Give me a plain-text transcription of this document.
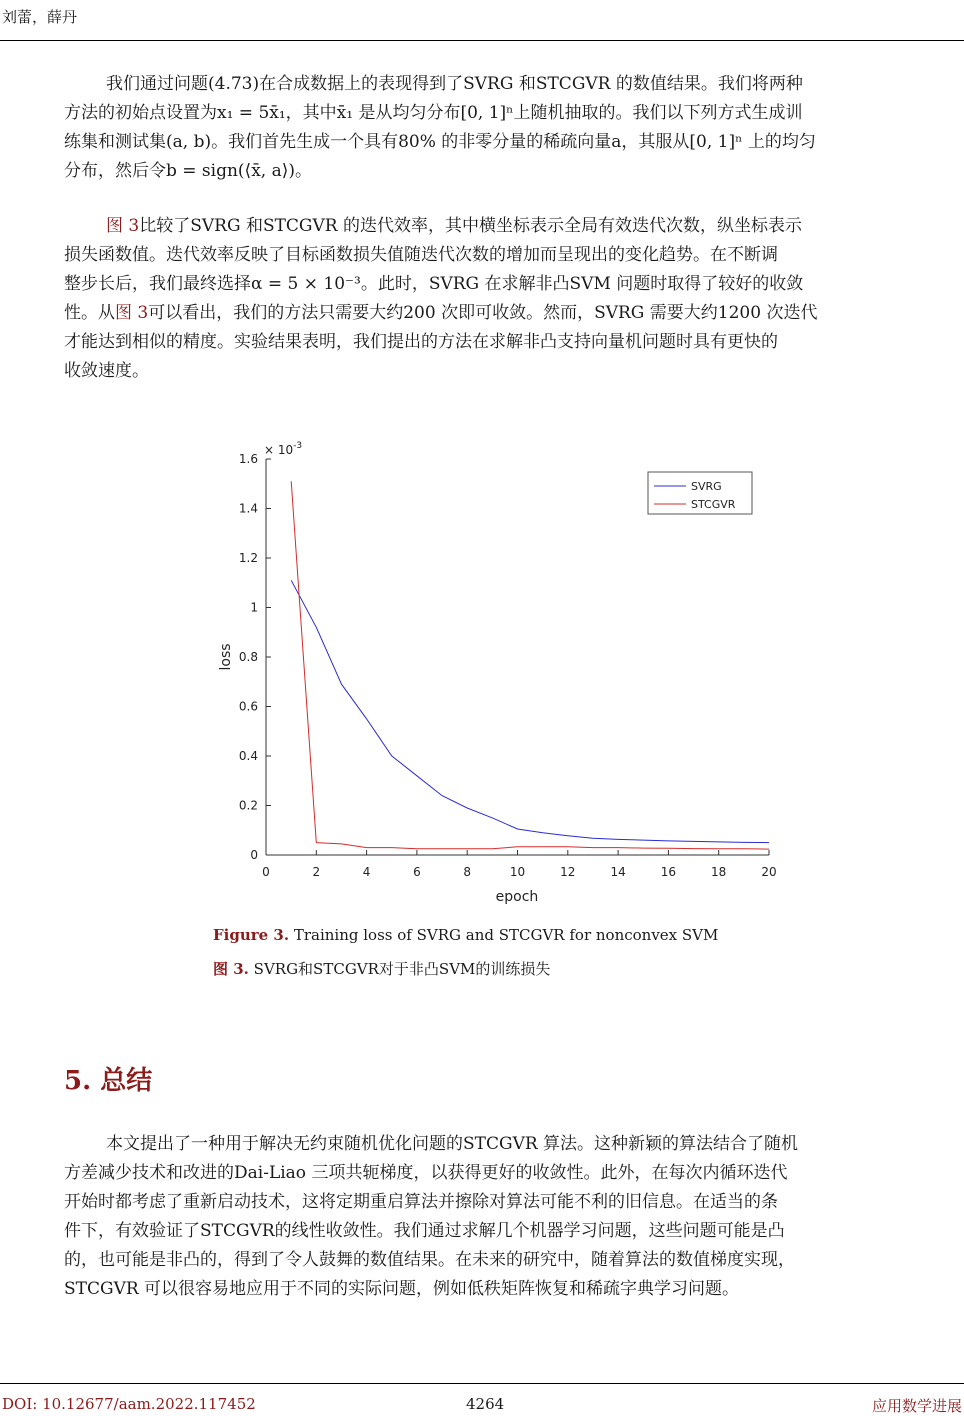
刘蕾，薛丹
我们通过问题(4.73)在合成数据上的表现得到了SVRG 和STCGVR 的数值结果。我们将两种
方法的初始点设置为x₁ = 5x̄₁，其中x̄₁ 是从均匀分布[0, 1]ⁿ上随机抽取的。我们以下列方式生成训
练集和测试集(a, b)。我们首先生成一个具有80% 的非零分量的稀疏向量a，其服从[0, 1]ⁿ 上的均匀
分布，然后令b = sign(⟨x̄, a⟩)。
图 3比较了SVRG 和STCGVR 的迭代效率，其中横坐标表示全局有效迭代次数，纵坐标表示
损失函数值。迭代效率反映了目标函数损失值随迭代次数的增加而呈现出的变化趋势。在不断调
整步长后，我们最终选择α = 5 × 10⁻³。此时，SVRG 在求解非凸SVM 问题时取得了较好的收敛
性。从图 3可以看出，我们的方法只需要大约200 次即可收敛。然而，SVRG 需要大约1200 次迭代
才能达到相似的精度。实验结果表明，我们提出的方法在求解非凸支持向量机问题时具有更快的
收敛速度。
0	2	4	6	8	10	12	14	16	18	20
0
0.2
0.4
0.6
0.8
1
1.2
1.4
1.6
SVRG
STCGVR
× $10^{-3}$
epoch
loss
Figure 3. Training loss of SVRG and STCGVR for nonconvex SVM
图 3. SVRG和STCGVR对于非凸SVM的训练损失
5. 总结
本文提出了一种用于解决无约束随机优化问题的STCGVR 算法。这种新颖的算法结合了随机
方差减少技术和改进的Dai-Liao 三项共轭梯度，以获得更好的收敛性。此外，在每次内循环迭代
开始时都考虑了重新启动技术，这将定期重启算法并擦除对算法可能不利的旧信息。在适当的条
件下，有效验证了STCGVR的线性收敛性。我们通过求解几个机器学习问题，这些问题可能是凸
的，也可能是非凸的，得到了令人鼓舞的数值结果。在未来的研究中，随着算法的数值梯度实现，
STCGVR 可以很容易地应用于不同的实际问题，例如低秩矩阵恢复和稀疏字典学习问题。
DOI: 10.12677/aam.2022.117452	4264	应用数学进展
